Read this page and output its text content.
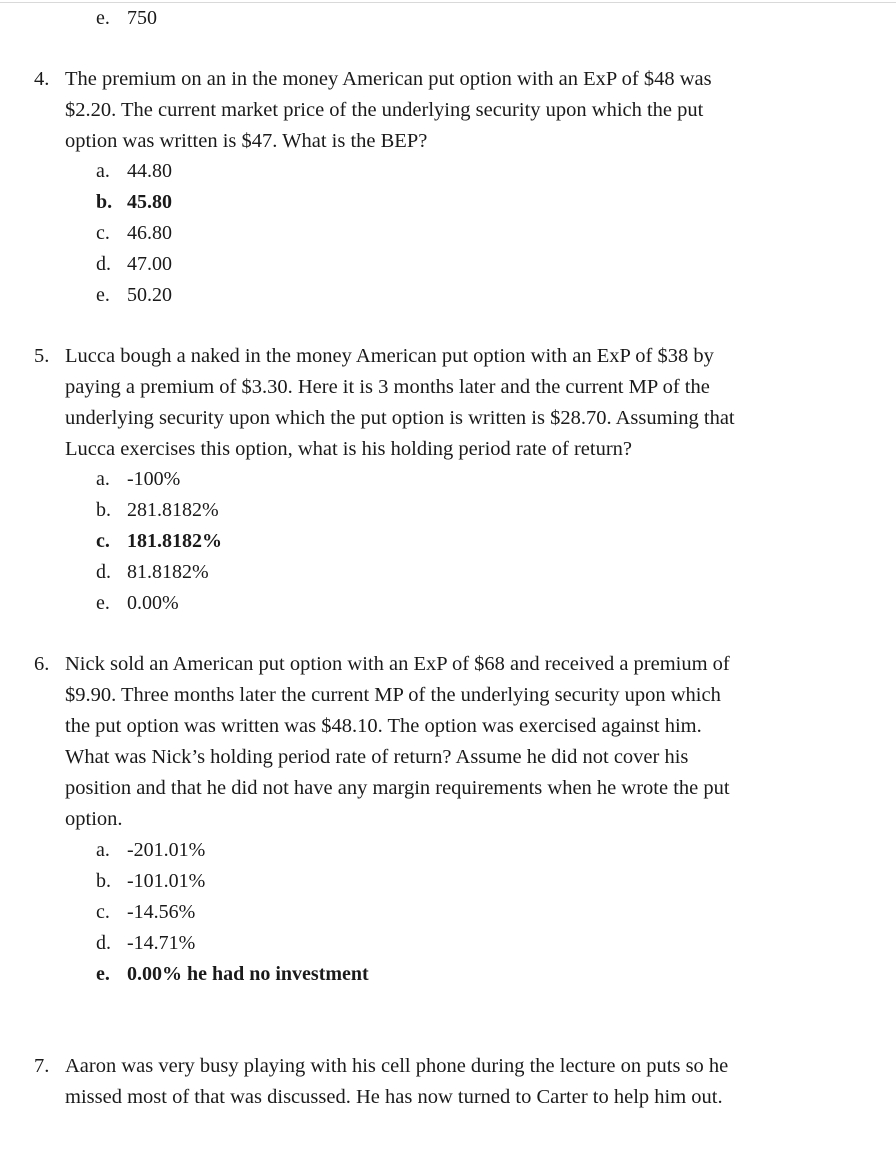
e. 750
4. The premium on an in the money American put option with an ExP of $48 was
$2.20. The current market price of the underlying security upon which the put
option was written is $47. What is the BEP?
a. 44.80
b. 45.80
c. 46.80
d. 47.00
e. 50.20
5. Lucca bough a naked in the money American put option with an ExP of $38 by
paying a premium of $3.30. Here it is 3 months later and the current MP of the
underlying security upon which the put option is written is $28.70. Assuming that
Lucca exercises this option, what is his holding period rate of return?
a. -100%
b. 281.8182%
c. 181.8182%
d. 81.8182%
e. 0.00%
6. Nick sold an American put option with an ExP of $68 and received a premium of
$9.90. Three months later the current MP of the underlying security upon which
the put option was written was $48.10. The option was exercised against him.
What was Nick’s holding period rate of return? Assume he did not cover his
position and that he did not have any margin requirements when he wrote the put
option.
a. -201.01%
b. -101.01%
c. -14.56%
d. -14.71%
e. 0.00% he had no investment
7. Aaron was very busy playing with his cell phone during the lecture on puts so he
missed most of that was discussed. He has now turned to Carter to help him out.
